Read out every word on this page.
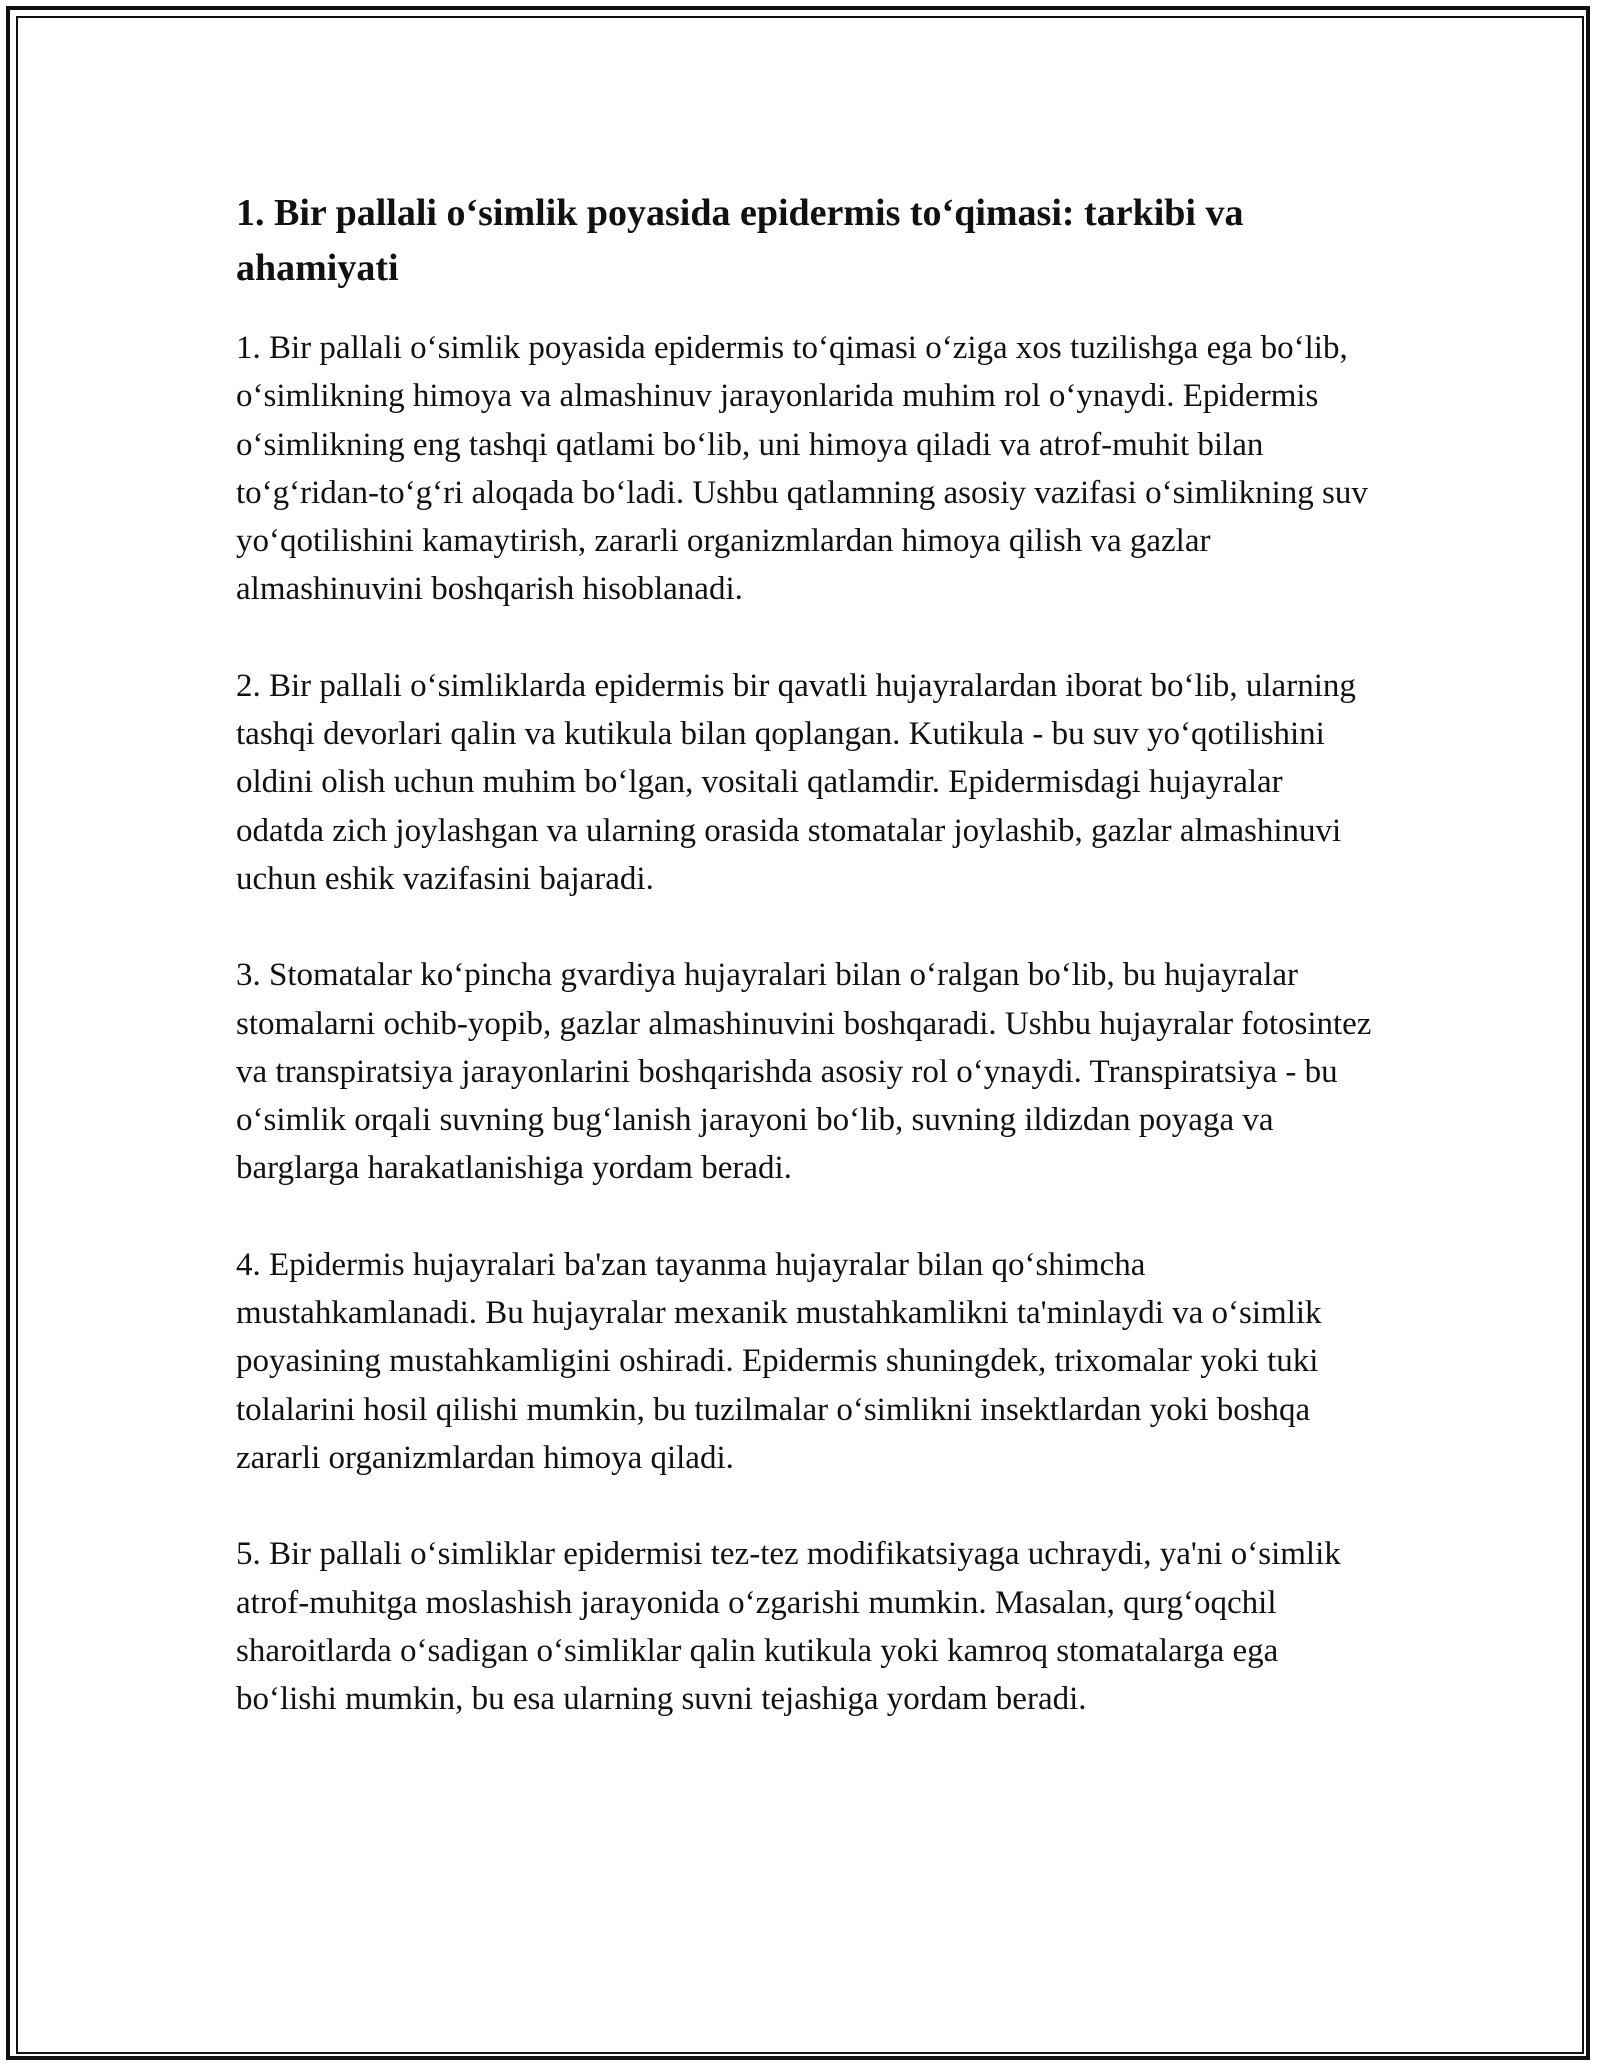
1. Bir pallali o‘simlik poyasida epidermis to‘qimasi: tarkibi va ahamiyati

1. Bir pallali o‘simlik poyasida epidermis to‘qimasi o‘ziga xos tuzilishga ega bo‘lib, o‘simlikning himoya va almashinuv jarayonlarida muhim rol o‘ynaydi. Epidermis o‘simlikning eng tashqi qatlami bo‘lib, uni himoya qiladi va atrof-muhit bilan to‘g‘ridan-to‘g‘ri aloqada bo‘ladi. Ushbu qatlamning asosiy vazifasi o‘simlikning suv yo‘qotilishini kamaytirish, zararli organizmlardan himoya qilish va gazlar almashinuvini boshqarish hisoblanadi.

2. Bir pallali o‘simliklarda epidermis bir qavatli hujayralardan iborat bo‘lib, ularning tashqi devorlari qalin va kutikula bilan qoplangan. Kutikula - bu suv yo‘qotilishini oldini olish uchun muhim bo‘lgan, vositali qatlamdir. Epidermisdagi hujayralar odatda zich joylashgan va ularning orasida stomatalar joylashib, gazlar almashinuvi uchun eshik vazifasini bajaradi.

3. Stomatalar ko‘pincha gvardiya hujayralari bilan o‘ralgan bo‘lib, bu hujayralar stomalarni ochib-yopib, gazlar almashinuvini boshqaradi. Ushbu hujayralar fotosintez va transpiratsiya jarayonlarini boshqarishda asosiy rol o‘ynaydi. Transpiratsiya - bu o‘simlik orqali suvning bug‘lanish jarayoni bo‘lib, suvning ildizdan poyaga va barglarga harakatlanishiga yordam beradi.

4. Epidermis hujayralari ba'zan tayanma hujayralar bilan qo‘shimcha mustahkamlanadi. Bu hujayralar mexanik mustahkamlikni ta'minlaydi va o‘simlik poyasining mustahkamligini oshiradi. Epidermis shuningdek, trixomalar yoki tuki tolalarini hosil qilishi mumkin, bu tuzilmalar o‘simlikni insektlardan yoki boshqa zararli organizmlardan himoya qiladi.

5. Bir pallali o‘simliklar epidermisi tez-tez modifikatsiyaga uchraydi, ya'ni o‘simlik atrof-muhitga moslashish jarayonida o‘zgarishi mumkin. Masalan, qurg‘oqchil sharoitlarda o‘sadigan o‘simliklar qalin kutikula yoki kamroq stomatalarga ega bo‘lishi mumkin, bu esa ularning suvni tejashiga yordam beradi.
